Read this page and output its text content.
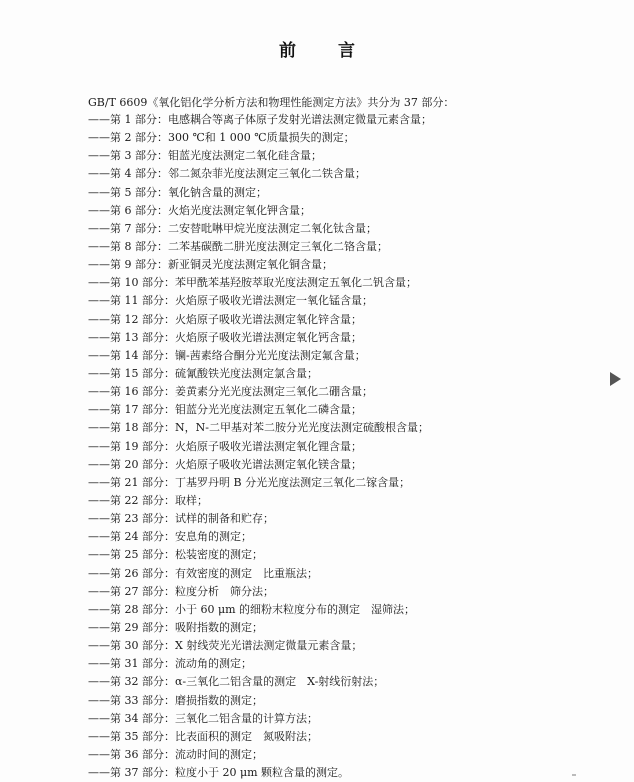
前 言
GB/T 6609《氧化铝化学分析方法和物理性能测定方法》共分为 37 部分：
——第 1 部分：电感耦合等离子体原子发射光谱法测定微量元素含量；
——第 2 部分：300 ℃和 1 000 ℃质量损失的测定；
——第 3 部分：钼蓝光度法测定二氧化硅含量；
——第 4 部分：邻二氮杂菲光度法测定三氧化二铁含量；
——第 5 部分：氧化钠含量的测定；
——第 6 部分：火焰光度法测定氧化钾含量；
——第 7 部分：二安替吡啉甲烷光度法测定二氧化钛含量；
——第 8 部分：二苯基碳酰二肼光度法测定三氧化二铬含量；
——第 9 部分：新亚铜灵光度法测定氧化铜含量；
——第 10 部分：苯甲酰苯基羟胺萃取光度法测定五氧化二钒含量；
——第 11 部分：火焰原子吸收光谱法测定一氧化锰含量；
——第 12 部分：火焰原子吸收光谱法测定氧化锌含量；
——第 13 部分：火焰原子吸收光谱法测定氧化钙含量；
——第 14 部分：镧-茜素络合酮分光光度法测定氟含量；
——第 15 部分：硫氰酸铁光度法测定氯含量；
——第 16 部分：姜黄素分光光度法测定三氧化二硼含量；
——第 17 部分：钼蓝分光光度法测定五氧化二磷含量；
——第 18 部分：N，N-二甲基对苯二胺分光光度法测定硫酸根含量；
——第 19 部分：火焰原子吸收光谱法测定氧化锂含量；
——第 20 部分：火焰原子吸收光谱法测定氧化镁含量；
——第 21 部分：丁基罗丹明 B 分光光度法测定三氧化二镓含量；
——第 22 部分：取样；
——第 23 部分：试样的制备和贮存；
——第 24 部分：安息角的测定；
——第 25 部分：松装密度的测定；
——第 26 部分：有效密度的测定　比重瓶法；
——第 27 部分：粒度分析　筛分法；
——第 28 部分：小于 60 μm 的细粉末粒度分布的测定　湿筛法；
——第 29 部分：吸附指数的测定；
——第 30 部分：X 射线荧光光谱法测定微量元素含量；
——第 31 部分：流动角的测定；
——第 32 部分：α-三氧化二铝含量的测定　X-射线衍射法；
——第 33 部分：磨损指数的测定；
——第 34 部分：三氧化二铝含量的计算方法；
——第 35 部分：比表面积的测定　氮吸附法；
——第 36 部分：流动时间的测定；
——第 37 部分：粒度小于 20 μm 颗粒含量的测定。
